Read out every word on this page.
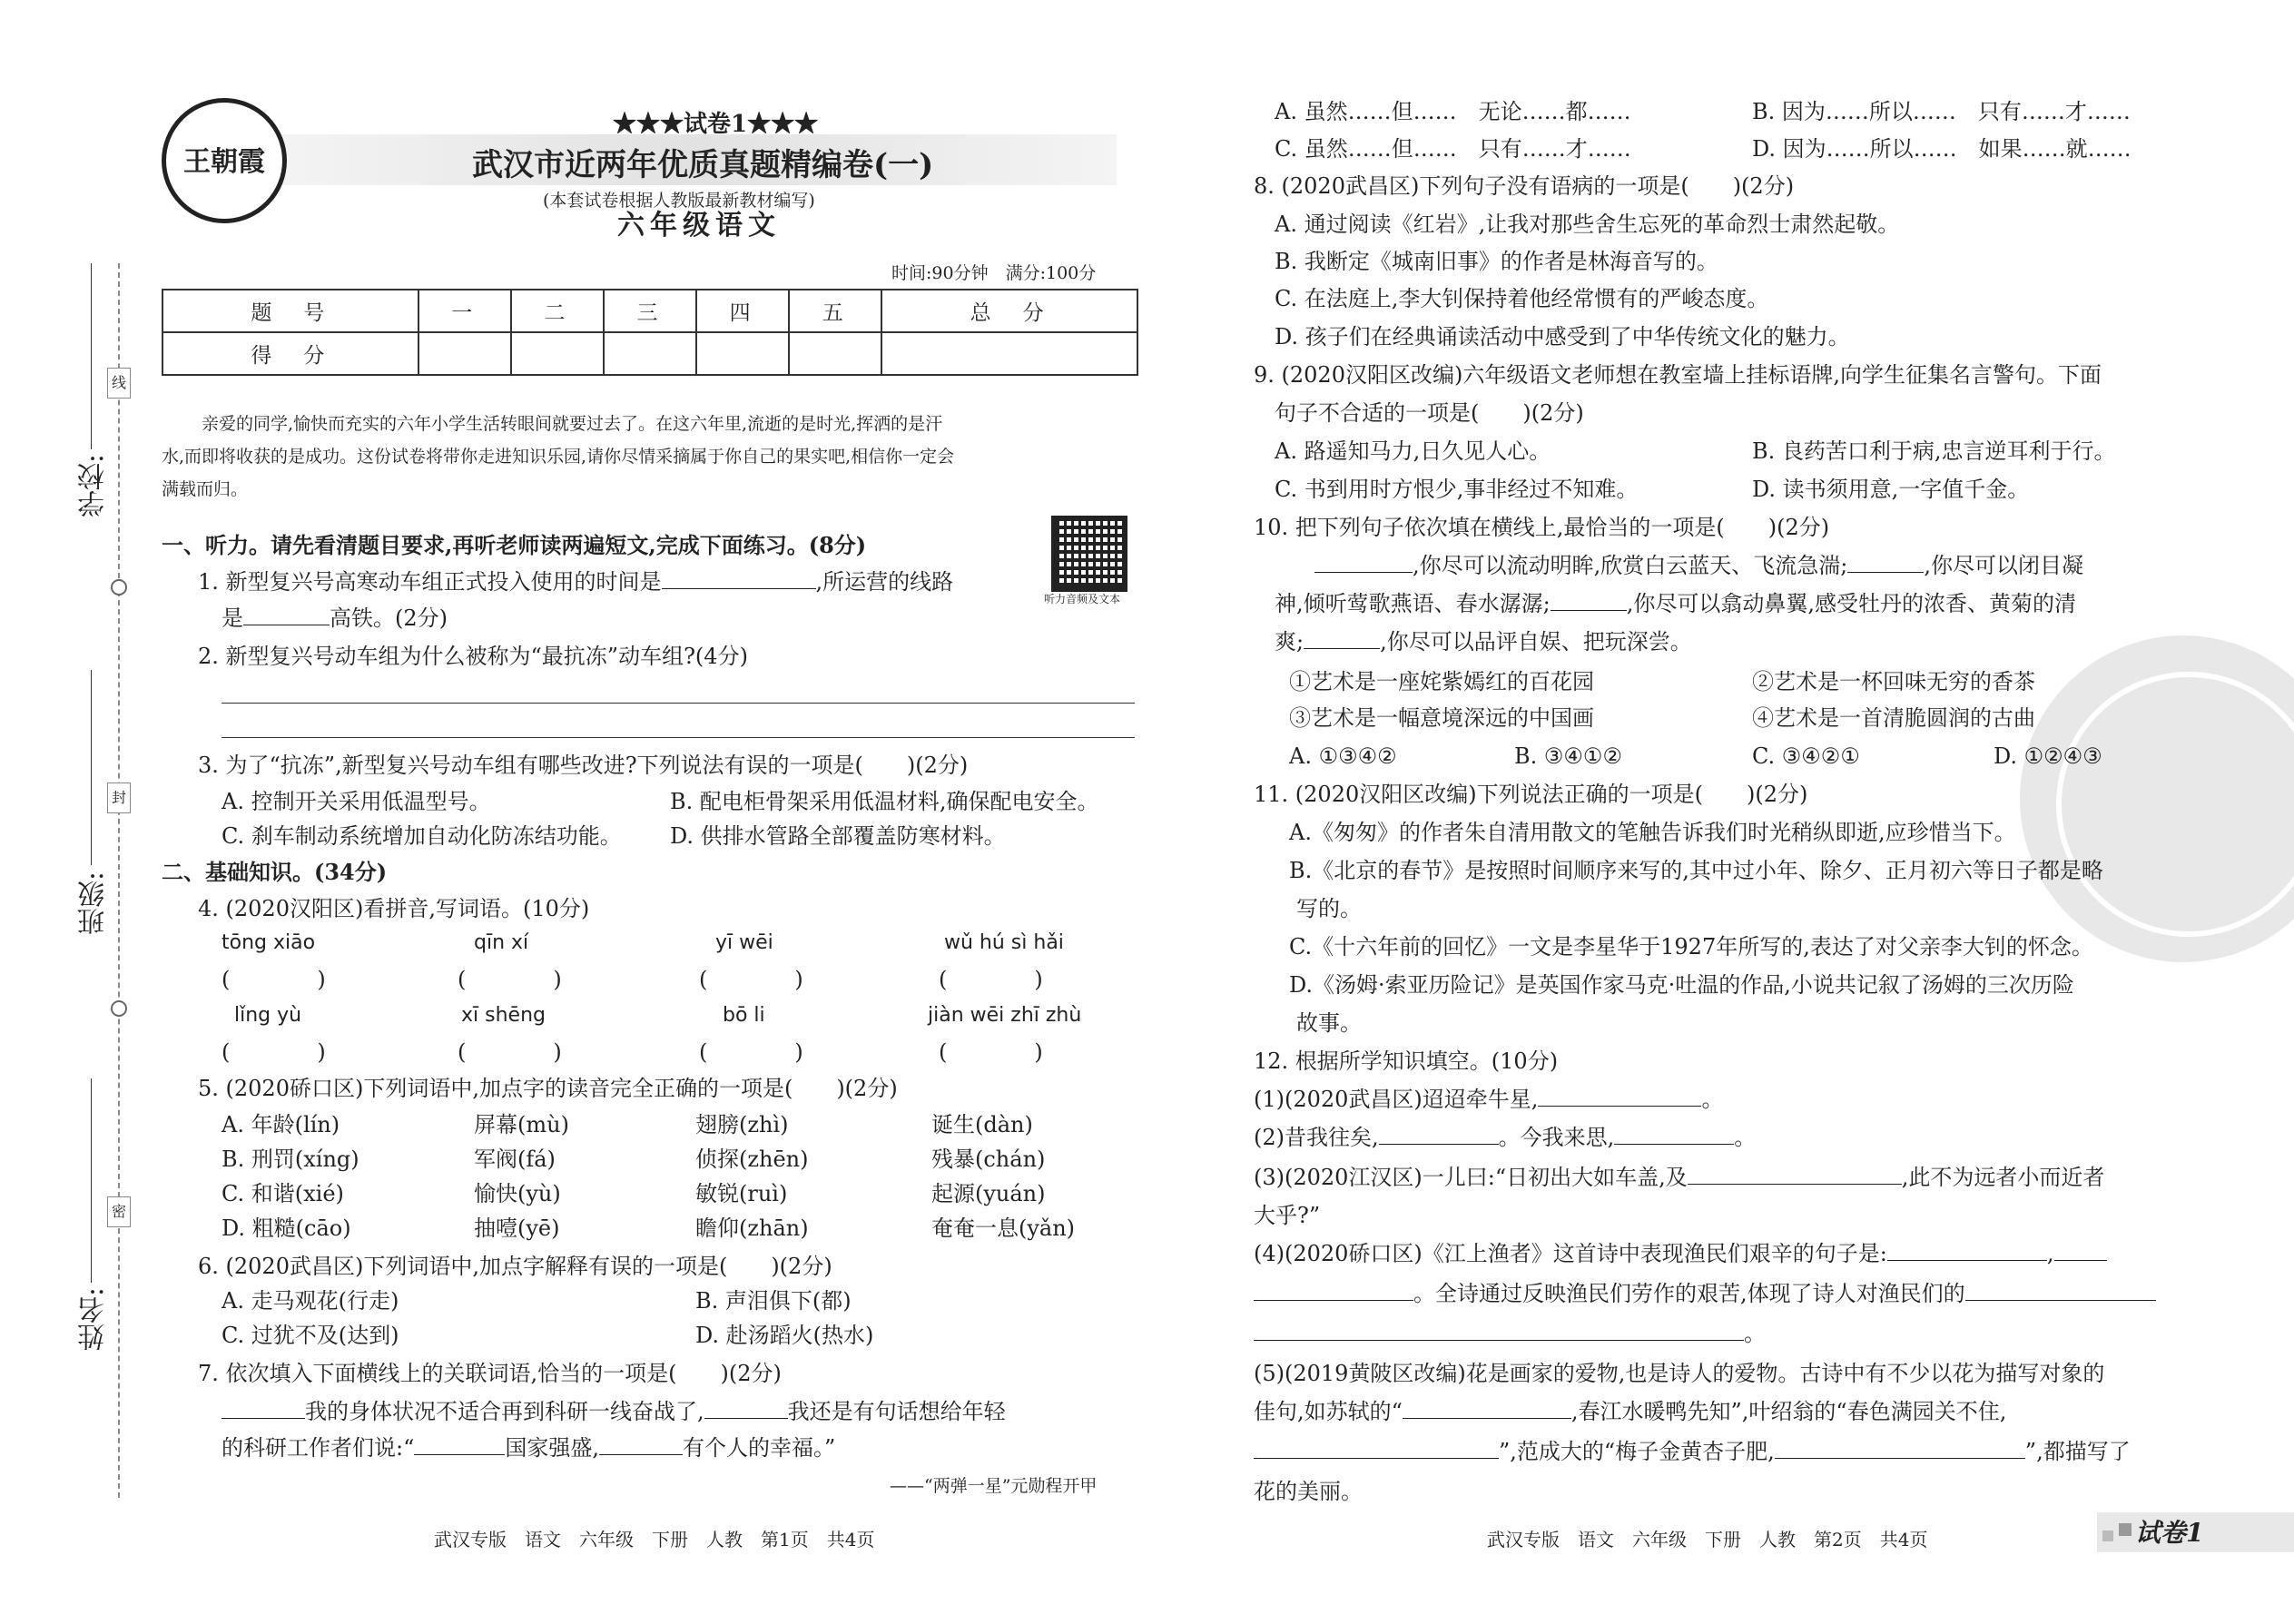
线
封
密
学校:
班级:
姓名:
王朝霞
★★★试卷1★★★
武汉市近两年优质真题精编卷(一)
(本套试卷根据人教版最新教材编写)
六年级语文
时间:90分钟　满分:100分
题　号	一	二	三	四	五	总　分
得　分						
亲爱的同学,愉快而充实的六年小学生活转眼间就要过去了。在这六年里,流逝的是时光,挥洒的是汗
水,而即将收获的是成功。这份试卷将带你走进知识乐园,请你尽情采摘属于你自己的果实吧,相信你一定会
满载而归。
听力音频及文本
一、听力。请先看清题目要求,再听老师读两遍短文,完成下面练习。(8分)
1. 新型复兴号高寒动车组正式投入使用的时间是	,所运营的线路
是	高铁。(2分)
2. 新型复兴号动车组为什么被称为“最抗冻”动车组?(4分)
3. 为了“抗冻”,新型复兴号动车组有哪些改进?下列说法有误的一项是(　　)(2分)
A. 控制开关采用低温型号。	B. 配电柜骨架采用低温材料,确保配电安全。
C. 刹车制动系统增加自动化防冻结功能。 D. 供排水管路全部覆盖防寒材料。
二、基础知识。(34分)
4. (2020汉阳区)看拼音,写词语。(10分)
tōng xiāo	qīn xí	yī wēi	wǔ hú sì hǎi
(　　　　)	(　　　　)	(　　　　)	(　　　　)
lǐng yù	xī shēng	bō li	jiàn wēi zhī zhù
(　　　　)	(　　　　)	(　　　　)	(　　　　)
5. (2020硚口区)下列词语中,加点字的读音完全正确的一项是(　　)(2分)
A. 年龄(lín)	屏幕(mù)	翅膀(zhì)	诞生(dàn)
B. 刑罚(xíng)	军阀(fá)	侦探(zhēn)	残暴(chán)
C. 和谐(xié)	愉快(yù)	敏锐(ruì)	起源(yuán)
D. 粗糙(cāo)	抽噎(yē)	瞻仰(zhān)	奄奄一息(yǎn)
6. (2020武昌区)下列词语中,加点字解释有误的一项是(　　)(2分)
A. 走马观花(行走)	B. 声泪俱下(都)
C. 过犹不及(达到)	D. 赴汤蹈火(热水)
7. 依次填入下面横线上的关联词语,恰当的一项是(　　)(2分)
我的身体状况不适合再到科研一线奋战了,	我还是有句话想给年轻
的科研工作者们说:“	国家强盛,	有个人的幸福。”
——“两弹一星”元勋程开甲
A. 虽然……但……　无论……都……	B. 因为……所以……　只有……才……
C. 虽然……但……　只有……才……	D. 因为……所以……　如果……就……
8. (2020武昌区)下列句子没有语病的一项是(　　)(2分)
A. 通过阅读《红岩》,让我对那些舍生忘死的革命烈士肃然起敬。
B. 我断定《城南旧事》的作者是林海音写的。
C. 在法庭上,李大钊保持着他经常惯有的严峻态度。
D. 孩子们在经典诵读活动中感受到了中华传统文化的魅力。
9. (2020汉阳区改编)六年级语文老师想在教室墙上挂标语牌,向学生征集名言警句。下面
句子不合适的一项是(　　)(2分)
A. 路遥知马力,日久见人心。	B. 良药苦口利于病,忠言逆耳利于行。
C. 书到用时方恨少,事非经过不知难。	D. 读书须用意,一字值千金。
10. 把下列句子依次填在横线上,最恰当的一项是(　　)(2分)
,你尽可以流动明眸,欣赏白云蓝天、飞流急湍;	,你尽可以闭目凝
神,倾听莺歌燕语、春水潺潺;	,你尽可以翕动鼻翼,感受牡丹的浓香、黄菊的清
爽;	,你尽可以品评自娱、把玩深尝。
①艺术是一座姹紫嫣红的百花园	②艺术是一杯回味无穷的香茶
③艺术是一幅意境深远的中国画	④艺术是一首清脆圆润的古曲
A. ①③④②	B. ③④①②	C. ③④②①	D. ①②④③
11. (2020汉阳区改编)下列说法正确的一项是(　　)(2分)
A.《匆匆》的作者朱自清用散文的笔触告诉我们时光稍纵即逝,应珍惜当下。
B.《北京的春节》是按照时间顺序来写的,其中过小年、除夕、正月初六等日子都是略
写的。
C.《十六年前的回忆》一文是李星华于1927年所写的,表达了对父亲李大钊的怀念。
D.《汤姆·索亚历险记》是英国作家马克·吐温的作品,小说共记叙了汤姆的三次历险
故事。
12. 根据所学知识填空。(10分)
(1)(2020武昌区)迢迢牵牛星,	。
(2)昔我往矣,	。今我来思,	。
(3)(2020江汉区)一儿曰:“日初出大如车盖,及	,此不为远者小而近者
大乎?”
(4)(2020硚口区)《江上渔者》这首诗中表现渔民们艰辛的句子是:	,
。全诗通过反映渔民们劳作的艰苦,体现了诗人对渔民们的
。
(5)(2019黄陂区改编)花是画家的爱物,也是诗人的爱物。古诗中有不少以花为描写对象的
佳句,如苏轼的“	,春江水暖鸭先知”,叶绍翁的“春色满园关不住,
”,范成大的“梅子金黄杏子肥,	”,都描写了
花的美丽。
武汉专版　语文　六年级　下册　人教　第1页　共4页	武汉专版　语文　六年级　下册　人教　第2页　共4页	试卷1
